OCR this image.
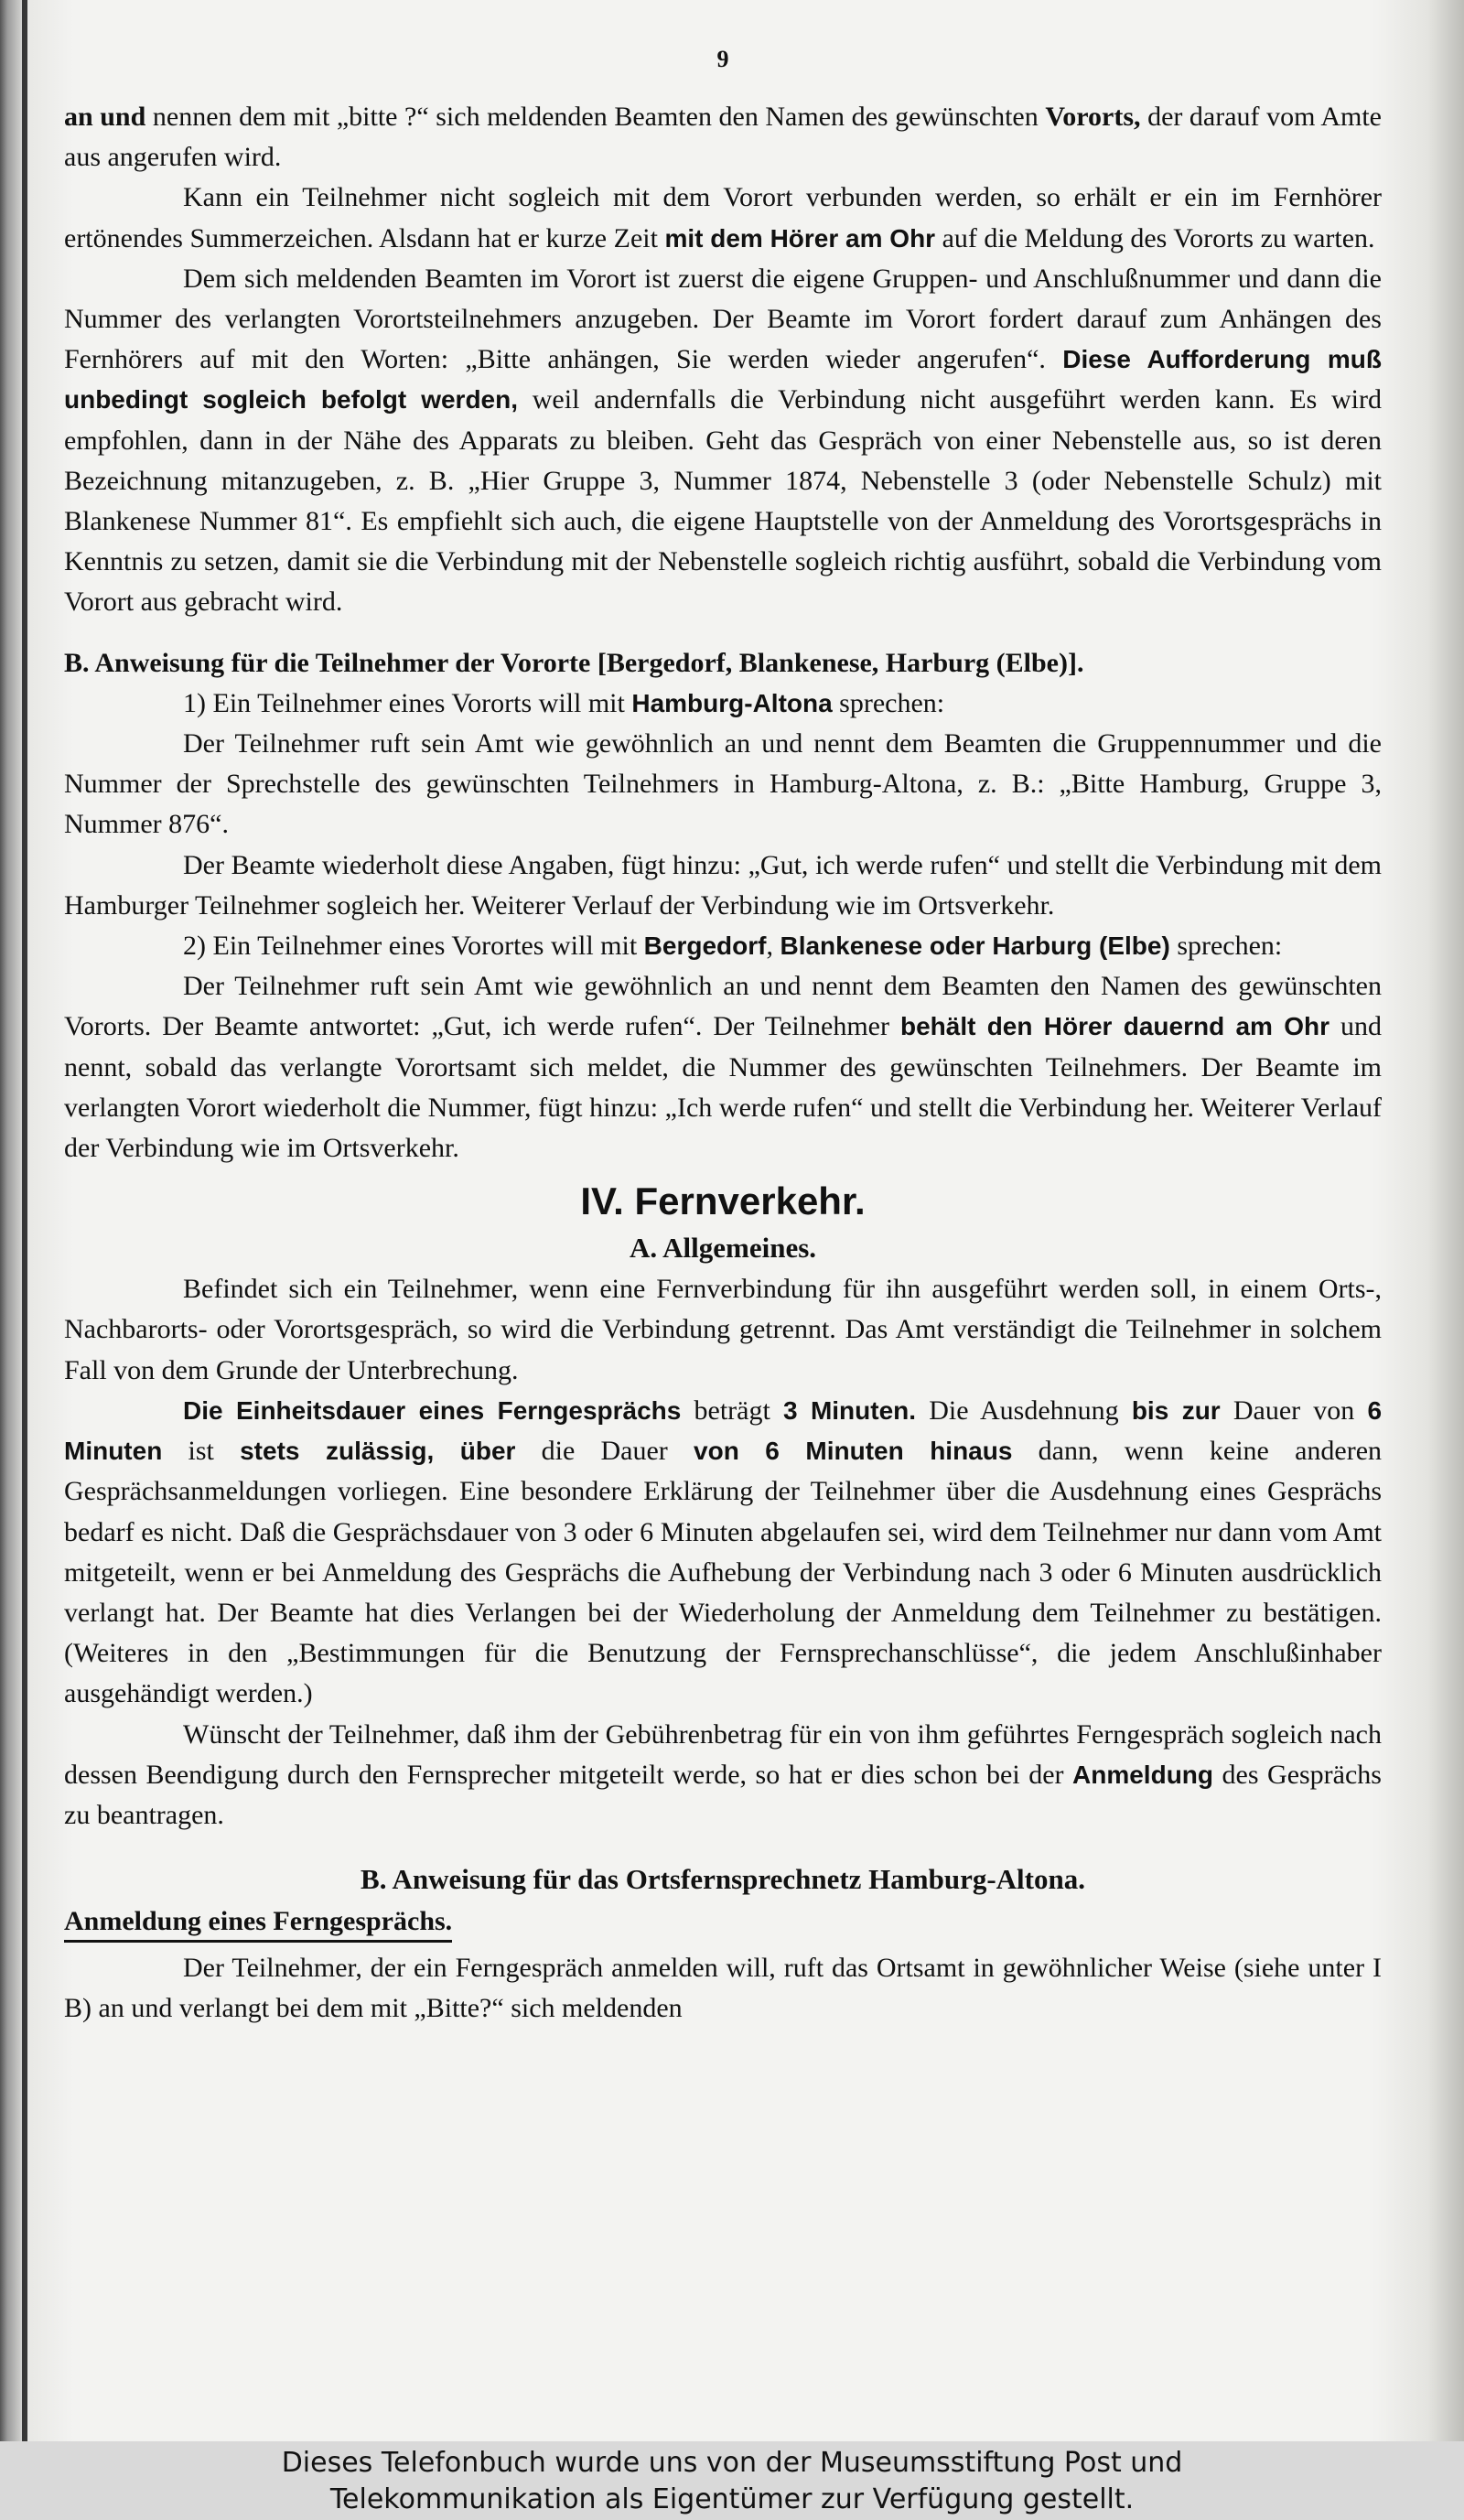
9

an und nennen dem mit „bitte ?“ sich meldenden Beamten den Namen des gewünschten Vororts, der darauf vom Amte aus angerufen wird.

Kann ein Teilnehmer nicht sogleich mit dem Vorort verbunden werden, so erhält er ein im Fernhörer ertönendes Summerzeichen. Alsdann hat er kurze Zeit mit dem Hörer am Ohr auf die Meldung des Vororts zu warten.

Dem sich meldenden Beamten im Vorort ist zuerst die eigene Gruppen- und Anschlußnummer und dann die Nummer des verlangten Vorortsteilnehmers anzugeben. Der Beamte im Vorort fordert darauf zum Anhängen des Fernhörers auf mit den Worten: „Bitte anhängen, Sie werden wieder angerufen“. Diese Aufforderung muß unbedingt sogleich befolgt werden, weil andernfalls die Verbindung nicht ausgeführt werden kann. Es wird empfohlen, dann in der Nähe des Apparats zu bleiben. Geht das Gespräch von einer Nebenstelle aus, so ist deren Bezeichnung mitanzugeben, z. B. „Hier Gruppe 3, Nummer 1874, Nebenstelle 3 (oder Nebenstelle Schulz) mit Blankenese Nummer 81“. Es empfiehlt sich auch, die eigene Hauptstelle von der Anmeldung des Vorortsgesprächs in Kenntnis zu setzen, damit sie die Verbindung mit der Nebenstelle sogleich richtig ausführt, sobald die Verbindung vom Vorort aus gebracht wird.

B. Anweisung für die Teilnehmer der Vororte [Bergedorf, Blankenese, Harburg (Elbe)].

1) Ein Teilnehmer eines Vororts will mit Hamburg-Altona sprechen:

Der Teilnehmer ruft sein Amt wie gewöhnlich an und nennt dem Beamten die Gruppennummer und die Nummer der Sprechstelle des gewünschten Teilnehmers in Hamburg-Altona, z. B.: „Bitte Hamburg, Gruppe 3, Nummer 876“.

Der Beamte wiederholt diese Angaben, fügt hinzu: „Gut, ich werde rufen“ und stellt die Verbindung mit dem Hamburger Teilnehmer sogleich her. Weiterer Verlauf der Verbindung wie im Ortsverkehr.

2) Ein Teilnehmer eines Vorortes will mit Bergedorf, Blankenese oder Harburg (Elbe) sprechen:

Der Teilnehmer ruft sein Amt wie gewöhnlich an und nennt dem Beamten den Namen des gewünschten Vororts. Der Beamte antwortet: „Gut, ich werde rufen“. Der Teilnehmer behält den Hörer dauernd am Ohr und nennt, sobald das verlangte Vorortsamt sich meldet, die Nummer des gewünschten Teilnehmers. Der Beamte im verlangten Vorort wiederholt die Nummer, fügt hinzu: „Ich werde rufen“ und stellt die Verbindung her. Weiterer Verlauf der Verbindung wie im Ortsverkehr.

IV. Fernverkehr.
A. Allgemeines.

Befindet sich ein Teilnehmer, wenn eine Fernverbindung für ihn ausgeführt werden soll, in einem Orts-, Nachbarorts- oder Vorortsgespräch, so wird die Verbindung getrennt. Das Amt verständigt die Teilnehmer in solchem Fall von dem Grunde der Unterbrechung.

Die Einheitsdauer eines Ferngesprächs beträgt 3 Minuten. Die Ausdehnung bis zur Dauer von 6 Minuten ist stets zulässig, über die Dauer von 6 Minuten hinaus dann, wenn keine anderen Gesprächsanmeldungen vorliegen. Eine besondere Erklärung der Teilnehmer über die Ausdehnung eines Gesprächs bedarf es nicht. Daß die Gesprächsdauer von 3 oder 6 Minuten abgelaufen sei, wird dem Teilnehmer nur dann vom Amt mitgeteilt, wenn er bei Anmeldung des Gesprächs die Aufhebung der Verbindung nach 3 oder 6 Minuten ausdrücklich verlangt hat. Der Beamte hat dies Verlangen bei der Wiederholung der Anmeldung dem Teilnehmer zu bestätigen. (Weiteres in den „Bestimmungen für die Benutzung der Fernsprechanschlüsse“, die jedem Anschlußinhaber ausgehändigt werden.)

Wünscht der Teilnehmer, daß ihm der Gebührenbetrag für ein von ihm geführtes Ferngespräch sogleich nach dessen Beendigung durch den Fernsprecher mitgeteilt werde, so hat er dies schon bei der Anmeldung des Gesprächs zu beantragen.

B. Anweisung für das Ortsfernsprechnetz Hamburg-Altona.
Anmeldung eines Ferngesprächs.

Der Teilnehmer, der ein Ferngespräch anmelden will, ruft das Ortsamt in gewöhnlicher Weise (siehe unter I B) an und verlangt bei dem mit „Bitte?“ sich meldenden

Dieses Telefonbuch wurde uns von der Museumsstiftung Post und
Telekommunikation als Eigentümer zur Verfügung gestellt.
